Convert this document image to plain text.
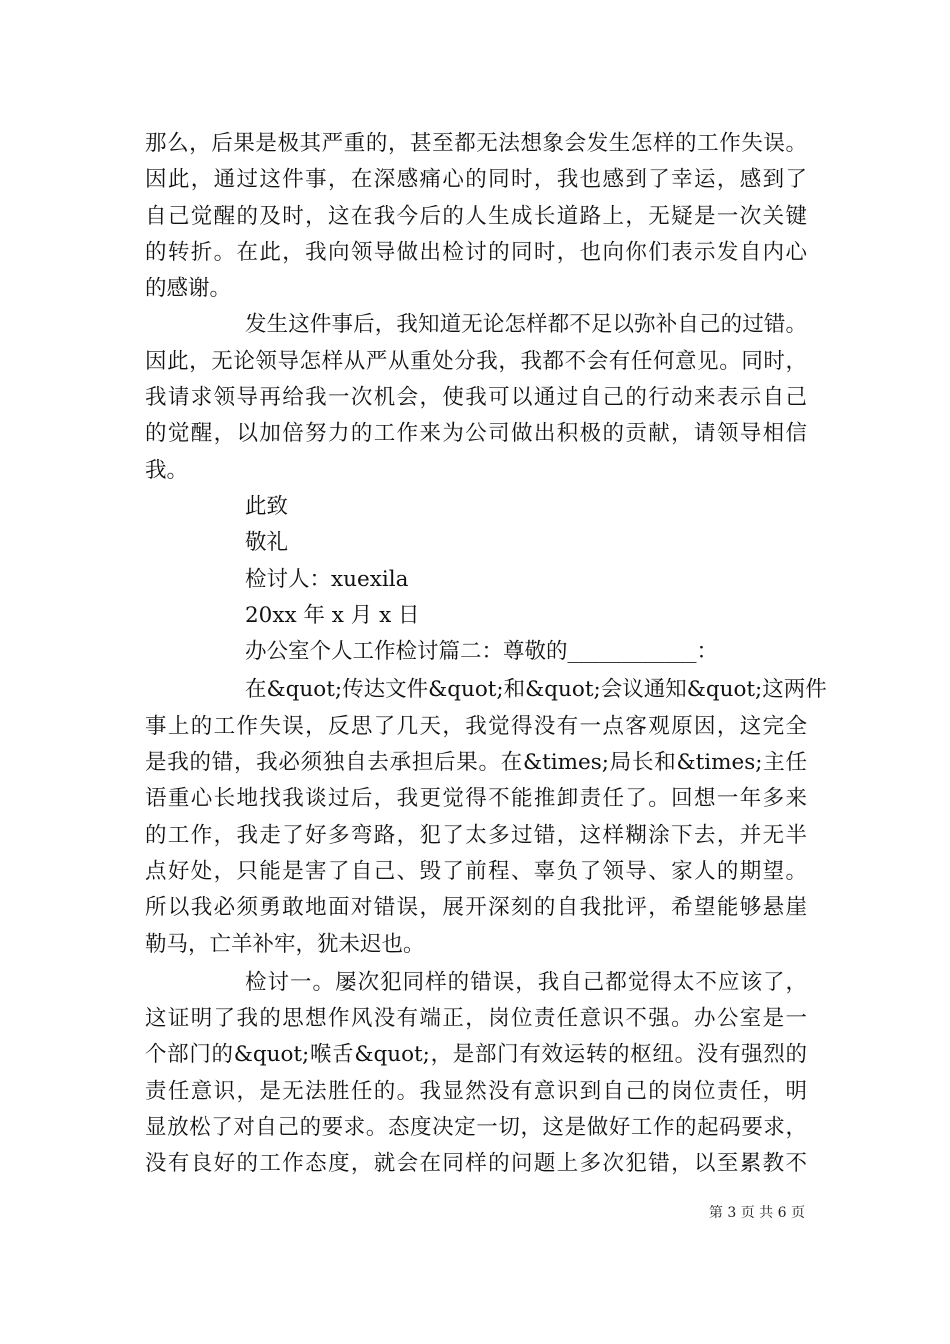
那么，后果是极其严重的，甚至都无法想象会发生怎样的工作失误。
因此，通过这件事，在深感痛心的同时，我也感到了幸运，感到了
自己觉醒的及时，这在我今后的人生成长道路上，无疑是一次关键
的转折。在此，我向领导做出检讨的同时，也向你们表示发自内心
的感谢。
发生这件事后，我知道无论怎样都不足以弥补自己的过错。
因此，无论领导怎样从严从重处分我，我都不会有任何意见。同时，
我请求领导再给我一次机会，使我可以通过自己的行动来表示自己
的觉醒，以加倍努力的工作来为公司做出积极的贡献，请领导相信
我。
此致
敬礼
检讨人：xuexila
20xx 年 x 月 x 日
办公室个人工作检讨篇二：尊敬的____________：
在&quot;传达文件&quot;和&quot;会议通知&quot;这两件
事上的工作失误，反思了几天，我觉得没有一点客观原因，这完全
是我的错，我必须独自去承担后果。在&times;局长和&times;主任
语重心长地找我谈过后，我更觉得不能推卸责任了。回想一年多来
的工作，我走了好多弯路，犯了太多过错，这样糊涂下去，并无半
点好处，只能是害了自己、毁了前程、辜负了领导、家人的期望。
所以我必须勇敢地面对错误，展开深刻的自我批评，希望能够悬崖
勒马，亡羊补牢，犹未迟也。
检讨一。屡次犯同样的错误，我自己都觉得太不应该了，
这证明了我的思想作风没有端正，岗位责任意识不强。办公室是一
个部门的&quot;喉舌&quot;，是部门有效运转的枢纽。没有强烈的
责任意识，是无法胜任的。我显然没有意识到自己的岗位责任，明
显放松了对自己的要求。态度决定一切，这是做好工作的起码要求，
没有良好的工作态度，就会在同样的问题上多次犯错，以至累教不
第 3 页 共 6 页
